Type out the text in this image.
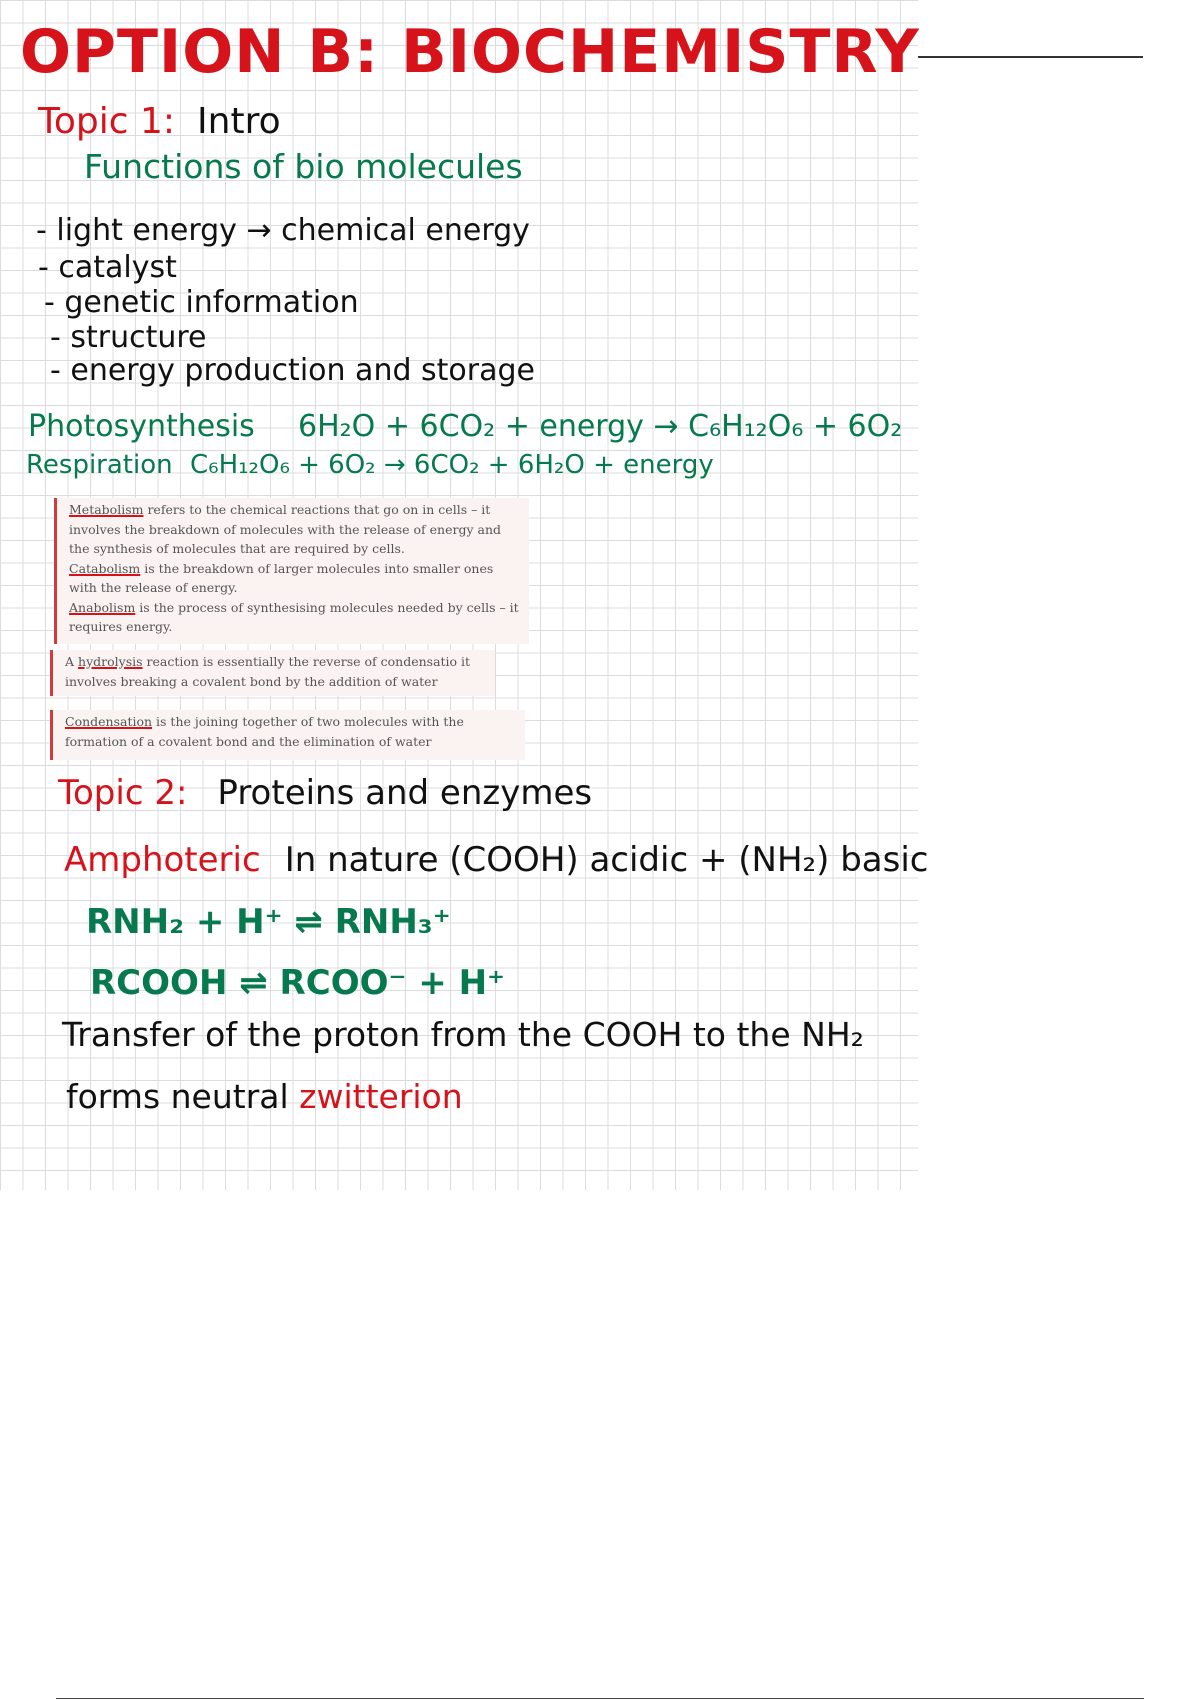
OPTION B: BIOCHEMISTRY
Topic 1: Intro
Functions of bio molecules
- light energy → chemical energy
- catalyst
- genetic information
- structure
- energy production and storage
Photosynthesis 6H₂O + 6CO₂ + energy → C₆H₁₂O₆ + 6O₂
Respiration C₆H₁₂O₆ + 6O₂ → 6CO₂ + 6H₂O + energy
Metabolism refers to the chemical reactions that go on in cells – it involves the breakdown of molecules with the release of energy and the synthesis of molecules that are required by cells.
Catabolism is the breakdown of larger molecules into smaller ones with the release of energy.
Anabolism is the process of synthesising molecules needed by cells – it requires energy.
A hydrolysis reaction is essentially the reverse of condensatio it involves breaking a covalent bond by the addition of water
Condensation is the joining together of two molecules with the formation of a covalent bond and the elimination of water
Topic 2: Proteins and enzymes
Amphoteric In nature (COOH) acidic + (NH₂) basic
RNH₂ + H⁺ ⇌ RNH₃⁺
RCOOH ⇌ RCOO⁻ + H⁺
Transfer of the proton from the COOH to the NH₂
forms neutral zwitterion
